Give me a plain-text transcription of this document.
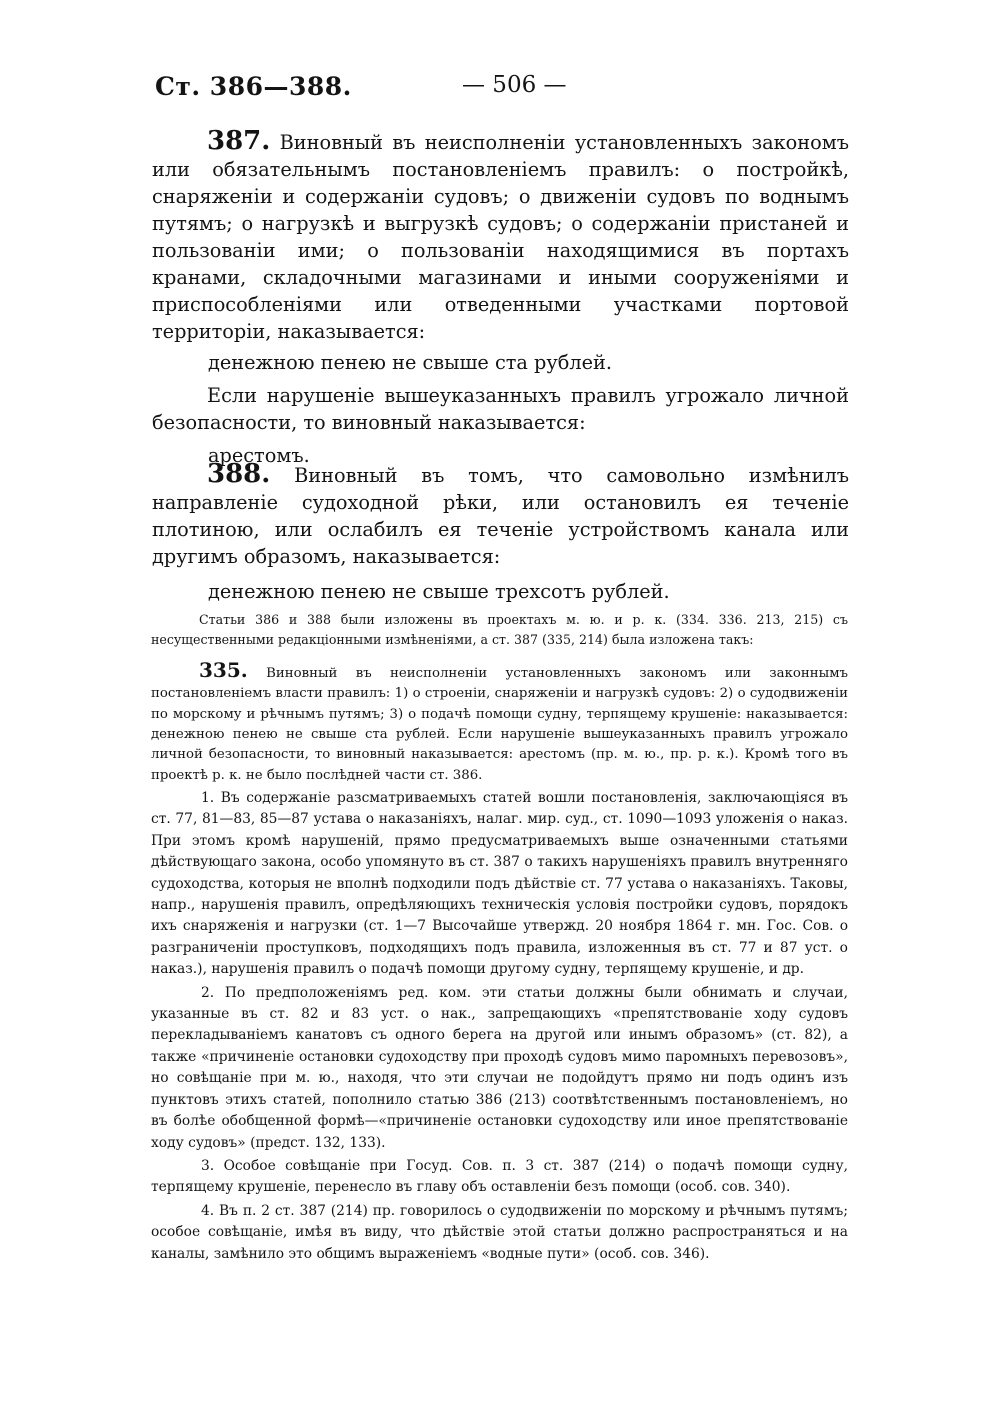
Ст. 386—388.	— 506 —

387. Виновный въ неисполненіи установленныхъ закономъ или обязательнымъ постановленіемъ правилъ: о постройкѣ, снаряженіи и содержаніи судовъ; о движеніи судовъ по воднымъ путямъ; о нагрузкѣ и выгрузкѣ судовъ; о содержаніи пристаней и пользованіи ими; о пользованіи находящимися въ портахъ кранами, складочными магазинами и иными сооруженіями и приспособленіями или отведенными участками портовой территоріи, наказывается:

денежною пенею не свыше ста рублей.

Если нарушеніе вышеуказанныхъ правилъ угрожало личной безопасности, то виновный наказывается:

арестомъ.

388. Виновный въ томъ, что самовольно измѣнилъ направленіе судоходной рѣки, или остановилъ ея теченіе плотиною, или ослабилъ ея теченіе устройствомъ канала или другимъ образомъ, наказывается:

денежною пенею не свыше трехсотъ рублей.

Статьи 386 и 388 были изложены въ проектахъ м. ю. и р. к. (334. 336. 213, 215) съ несущественными редакціонными измѣненіями, а ст. 387 (335, 214) была изложена такъ:

335. Виновный въ неисполненіи установленныхъ закономъ или законнымъ постановленіемъ власти правилъ: 1) о строеніи, снаряженіи и нагрузкѣ судовъ: 2) о судодвиженіи по морскому и рѣчнымъ путямъ; 3) о подачѣ помощи судну, терпящему крушеніе: наказывается: денежною пенею не свыше ста рублей. Если нарушеніе вышеуказанныхъ правилъ угрожало личной безопасности, то виновный наказывается: арестомъ (пр. м. ю., пр. р. к.). Кромѣ того въ проектѣ р. к. не было послѣдней части ст. 386.

1. Въ содержаніе разсматриваемыхъ статей вошли постановленія, заключающіяся въ ст. 77, 81—83, 85—87 устава о наказаніяхъ, налаг. мир. суд., ст. 1090—1093 уложенія о наказ. При этомъ кромѣ нарушеній, прямо предусматриваемыхъ выше означенными статьями дѣйствующаго закона, особо упомянуто въ ст. 387 о такихъ нарушеніяхъ правилъ внутренняго судоходства, которыя не вполнѣ подходили подъ дѣйствіе ст. 77 устава о наказаніяхъ. Таковы, напр., нарушенія правилъ, опредѣляющихъ техническія условія постройки судовъ, порядокъ ихъ снаряженія и нагрузки (ст. 1—7 Высочайше утвержд. 20 ноября 1864 г. мн. Гос. Сов. о разграниченіи проступковъ, подходящихъ подъ правила, изложенныя въ ст. 77 и 87 уст. о наказ.), нарушенія правилъ о подачѣ помощи другому судну, терпящему крушеніе, и др.

2. По предположеніямъ ред. ком. эти статьи должны были обнимать и случаи, указанные въ ст. 82 и 83 уст. о нак., запрещающихъ «препятствованіе ходу судовъ перекладываніемъ канатовъ съ одного берега на другой или инымъ образомъ» (ст. 82), а также «причиненіе остановки судоходству при проходѣ судовъ мимо паромныхъ перевозовъ», но совѣщаніе при м. ю., находя, что эти случаи не подойдутъ прямо ни подъ одинъ изъ пунктовъ этихъ статей, пополнило статью 386 (213) соотвѣтственнымъ постановленіемъ, но въ болѣе обобщенной формѣ—«причиненіе остановки судоходству или иное препятствованіе ходу судовъ» (предст. 132, 133).

3. Особое совѣщаніе при Госуд. Сов. п. 3 ст. 387 (214) о подачѣ помощи судну, терпящему крушеніе, перенесло въ главу объ оставленіи безъ помощи (особ. сов. 340).

4. Въ п. 2 ст. 387 (214) пр. говорилось о судодвиженіи по морскому и рѣчнымъ путямъ; особое совѣщаніе, имѣя въ виду, что дѣйствіе этой статьи должно распространяться и на каналы, замѣнило это общимъ выраженіемъ «водные пути» (особ. сов. 346).
